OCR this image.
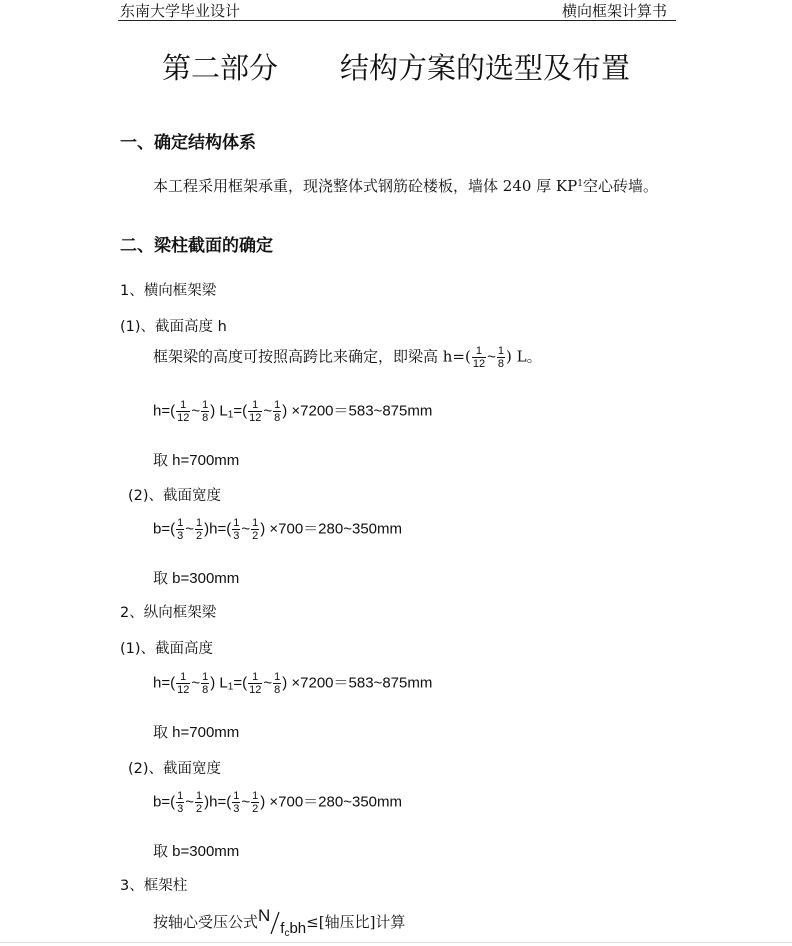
东南大学毕业设计	横向框架计算书
第二部分 结构方案的选型及布置
一、确定结构体系
本工程采用框架承重，现浇整体式钢筋砼楼板，墙体 240 厚 $KP^1$空心砖墙。
二、梁柱截面的确定
1、横向框架梁
(1)、截面高度 h
框架梁的高度可按照高跨比来确定，即梁高 $h=( \frac{1}{12}$ ~ $\frac{1}{8}$ ) L。
$h=( \frac{1}{12}$ ~ $\frac{1}{8}$ ) $L_1=( \frac{1}{12}$ ~ $\frac{1}{8}$ ) ×7200＝583~875mm
取 h=700mm
(2)、截面宽度
$b=( \frac{1}{3}$ ~ $\frac{1}{2} )h=( \frac{1}{3}$ ~ $\frac{1}{2}$ ) ×700＝280~350mm
取 b=300mm
2、纵向框架梁
(1)、截面高度
$h=( \frac{1}{12}$ ~ $\frac{1}{8}$ ) $L_1=( \frac{1}{12}$ ~ $\frac{1}{8}$ ) ×7200＝583~875mm
取 h=700mm
(2)、截面宽度
$b=( \frac{1}{3}$ ~ $\frac{1}{2} )h=( \frac{1}{3}$ ~ $\frac{1}{2}$ ) ×700＝280~350mm
取 b=300mm
3、框架柱
按轴心受压公式N
$f_cbh\le$[轴压比]计算
